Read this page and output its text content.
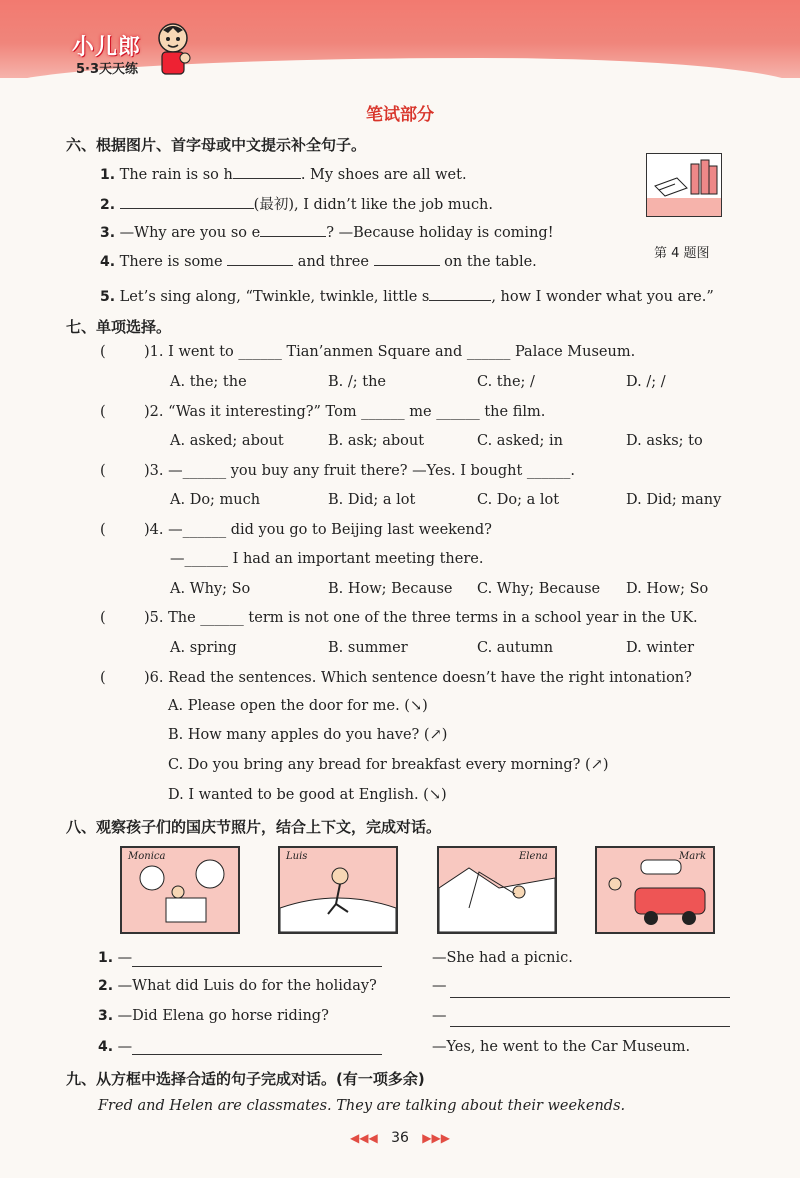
小儿郎
5·3天天练
笔试部分
六、根据图片、首字母或中文提示补全句子。
1. The rain is so h	. My shoes are all wet.
2.	(最初), I didn’t like the job much.
3. —Why are you so e	? —Because holiday is coming!
4. There is some	and three	on the table.
5. Let’s sing along, “Twinkle, twinkle, little s	, how I wonder what you are.”
第 4 题图
七、单项选择。
(	)1. I went to ______ Tian’anmen Square and ______ Palace Museum.
A. the; the	B. /; the	C. the; /	D. /; /
(	)2. “Was it interesting?” Tom ______ me ______ the film.
A. asked; about	B. ask; about	C. asked; in	D. asks; to
(	)3. —______ you buy any fruit there? —Yes. I bought ______.
A. Do; much	B. Did; a lot	C. Do; a lot	D. Did; many
(	)4. —______ did you go to Beijing last weekend?
—______ I had an important meeting there.
A. Why; So	B. How; Because C. Why; Because D. How; So
(	)5. The ______ term is not one of the three terms in a school year in the UK.
A. spring	B. summer	C. autumn	D. winter
(	)6. Read the sentences. Which sentence doesn’t have the right intonation?
A. Please open the door for me. (↘)
B. How many apples do you have? (↗)
C. Do you bring any bread for breakfast every morning? (↗)
D. I wanted to be good at English. (↘)
八、观察孩子们的国庆节照片，结合上下文，完成对话。
Monica	Luis	Elena	Mark
1. —	—She had a picnic.
2. —What did Luis do for the holiday?	—
3. —Did Elena go horse riding?	—
4. —	—Yes, he went to the Car Museum.
九、从方框中选择合适的句子完成对话。(有一项多余)
Fred and Helen are classmates. They are talking about their weekends.
◀◀◀ 36 ▶▶▶
